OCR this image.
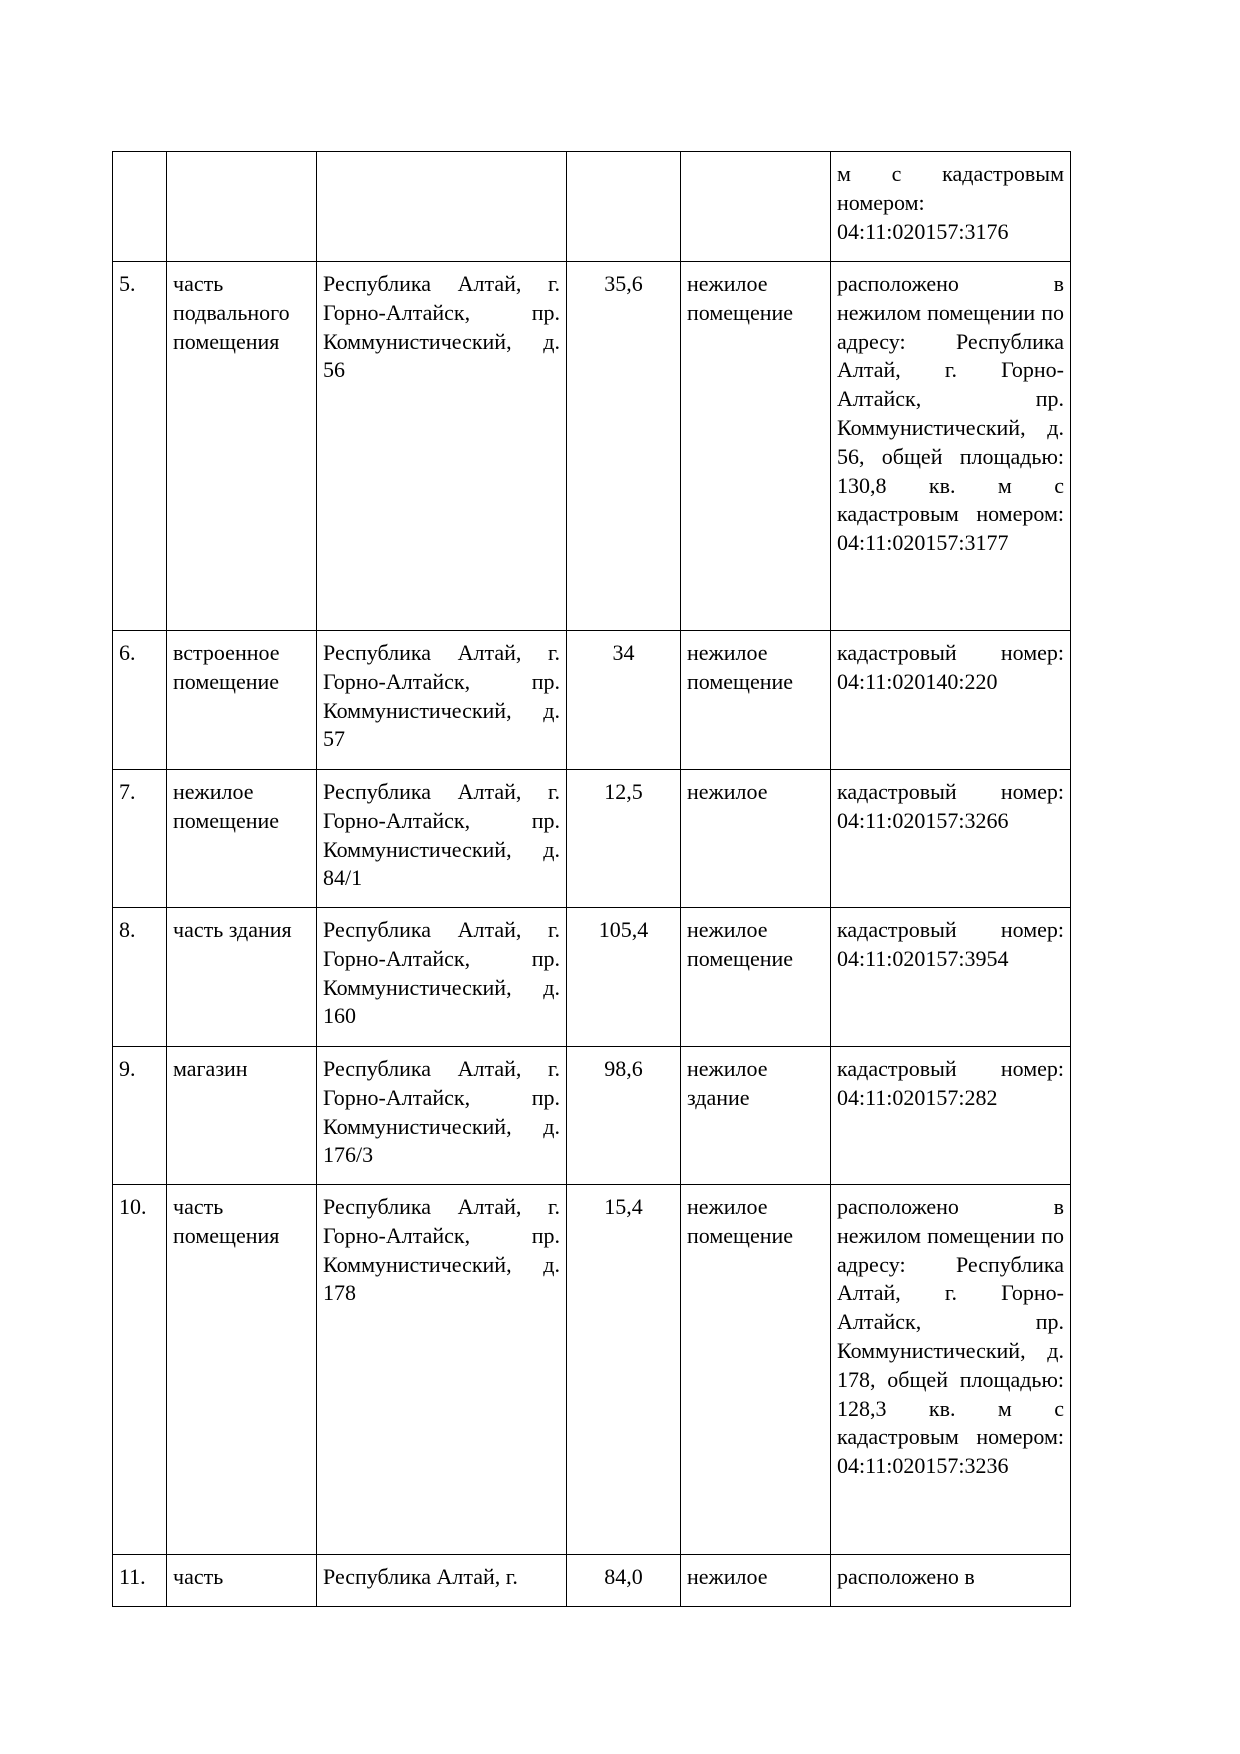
					м с кадастровым номером: 04:11:020157:3176
5.	часть подвального помещения	Республика Алтай, г. Горно-Алтайск, пр. Коммунистический, д. 56	35,6	нежилое помещение	расположено в нежилом помещении по адресу: Республика Алтай, г. Горно-Алтайск, пр. Коммунистический, д. 56, общей площадью: 130,8 кв. м с кадастровым номером: 04:11:020157:3177
6.	встроенное помещение	Республика Алтай, г. Горно-Алтайск, пр. Коммунистический, д. 57	34	нежилое помещение	кадастровый номер: 04:11:020140:220
7.	нежилое помещение	Республика Алтай, г. Горно-Алтайск, пр. Коммунистический, д. 84/1	12,5	нежилое	кадастровый номер: 04:11:020157:3266
8.	часть здания	Республика Алтай, г. Горно-Алтайск, пр. Коммунистический, д. 160	105,4	нежилое помещение	кадастровый номер: 04:11:020157:3954
9.	магазин	Республика Алтай, г. Горно-Алтайск, пр. Коммунистический, д. 176/3	98,6	нежилое здание	кадастровый номер: 04:11:020157:282
10.	часть помещения	Республика Алтай, г. Горно-Алтайск, пр. Коммунистический, д. 178	15,4	нежилое помещение	расположено в нежилом помещении по адресу: Республика Алтай, г. Горно-Алтайск, пр. Коммунистический, д. 178, общей площадью: 128,3 кв. м с кадастровым номером: 04:11:020157:3236
11.	часть	Республика Алтай, г.	84,0	нежилое	расположено в
